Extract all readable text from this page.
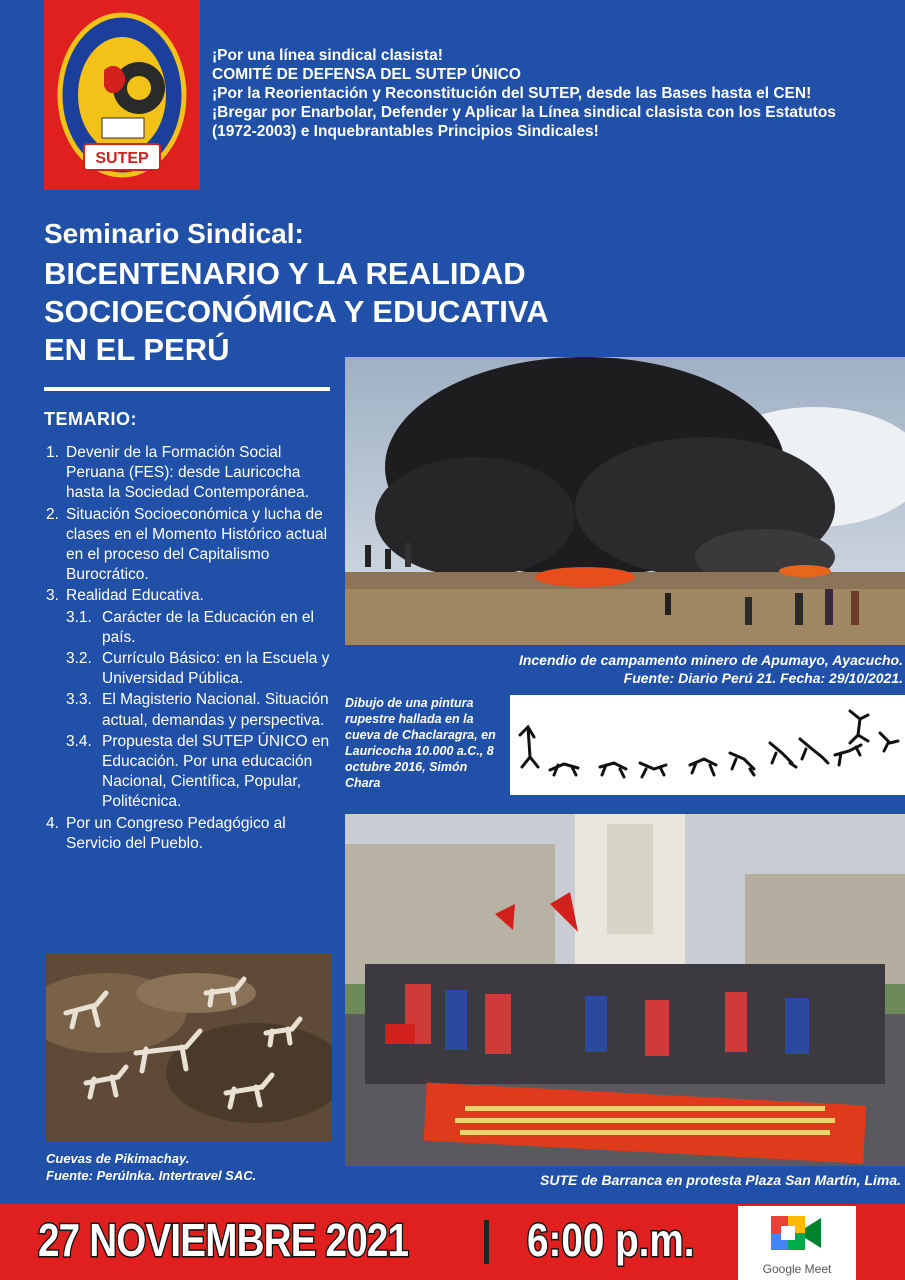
SUTEP
¡Por una línea sindical clasista!
COMITÉ DE DEFENSA DEL SUTEP ÚNICO
¡Por la Reorientación y Reconstitución del SUTEP, desde las Bases hasta el CEN!
¡Bregar por Enarbolar, Defender y Aplicar la Línea sindical clasista con los Estatutos (1972-2003) e Inquebrantables Principios Sindicales!
Seminario Sindical:
BICENTENARIO Y LA REALIDAD
SOCIOECONÓMICA Y EDUCATIVA
EN EL PERÚ
TEMARIO:
1. Devenir de la Formación Social Peruana (FES): desde Lauricocha hasta la Sociedad Contemporánea.
2. Situación Socioeconómica y lucha de clases en el Momento Histórico actual en el proceso del Capitalismo Burocrático.
3. Realidad Educativa.
3.1. Carácter de la Educación en el país.
3.2. Currículo Básico: en la Escuela y Universidad Pública.
3.3. El Magisterio Nacional. Situación actual, demandas y perspectiva.
3.4. Propuesta del SUTEP ÚNICO en Educación. Por una educación Nacional, Científica, Popular, Politécnica.
4. Por un Congreso Pedagógico al Servicio del Pueblo.
Incendio de campamento minero de Apumayo, Ayacucho.
Fuente: Diario Perú 21. Fecha: 29/10/2021.
Dibujo de una pintura rupestre hallada en la cueva de Chaclaragra, en Lauricocha 10.000 a.C., 8 octubre 2016, Simón Chara
SUTE de Barranca en protesta Plaza San Martín, Lima.
Cuevas de Pikimachay.
Fuente: PerúInka. Intertravel SAC.
27 NOVIEMBRE 2021	6:00 p.m.
Google Meet
